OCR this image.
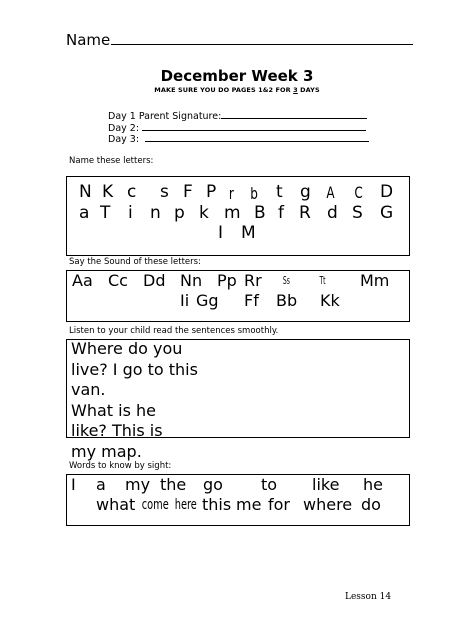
Name
December Week 3
MAKE SURE YOU DO PAGES 1&2 FOR 3 DAYS
Day 1 Parent Signature:
Day 2:
Day 3:
Name these letters:
N K c s F P r b t g A C D
a T i n p k m B f R d S G
I M
Say the Sound of these letters:
Aa Cc Dd Nn Pp Rr Ss	Tt Mm
Ii Gg Ff Bb Kk
Listen to your child read the sentences smoothly.
Where do you
live? I go to this
van.
What is he
like? This is
my map.
Words to know by sight:
I a my the go to like he
what come here this me for where do
Lesson 14
